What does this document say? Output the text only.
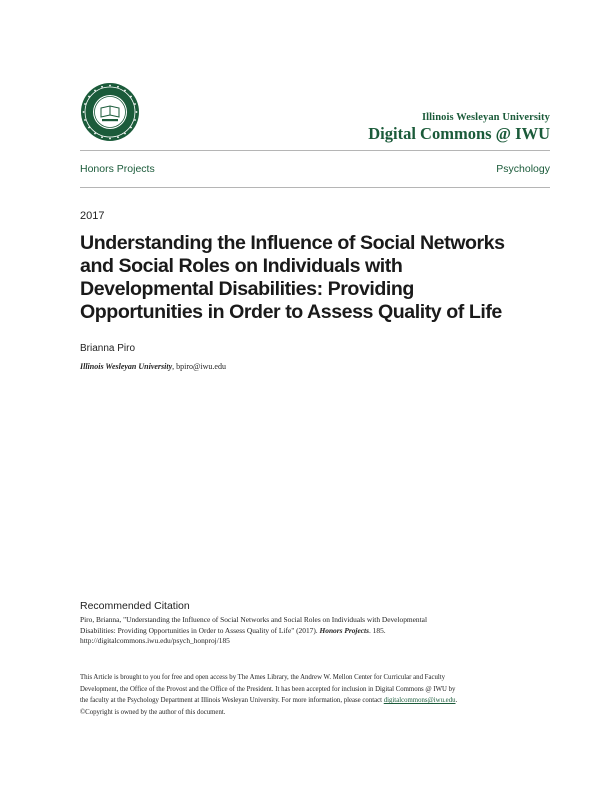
Illinois Wesleyan University
Digital Commons @ IWU
Honors Projects	Psychology
2017
Understanding the Influence of Social Networks
and Social Roles on Individuals with
Developmental Disabilities: Providing
Opportunities in Order to Assess Quality of Life
Brianna Piro
Illinois Wesleyan University, bpiro@iwu.edu
Recommended Citation
Piro, Brianna, "Understanding the Influence of Social Networks and Social Roles on Individuals with Developmental
Disabilities: Providing Opportunities in Order to Assess Quality of Life" (2017). Honors Projects. 185.
http://digitalcommons.iwu.edu/psych_honproj/185
This Article is brought to you for free and open access by The Ames Library, the Andrew W. Mellon Center for Curricular and Faculty
Development, the Office of the Provost and the Office of the President. It has been accepted for inclusion in Digital Commons @ IWU by
the faculty at the Psychology Department at Illinois Wesleyan University. For more information, please contact digitalcommons@iwu.edu.
©Copyright is owned by the author of this document.
